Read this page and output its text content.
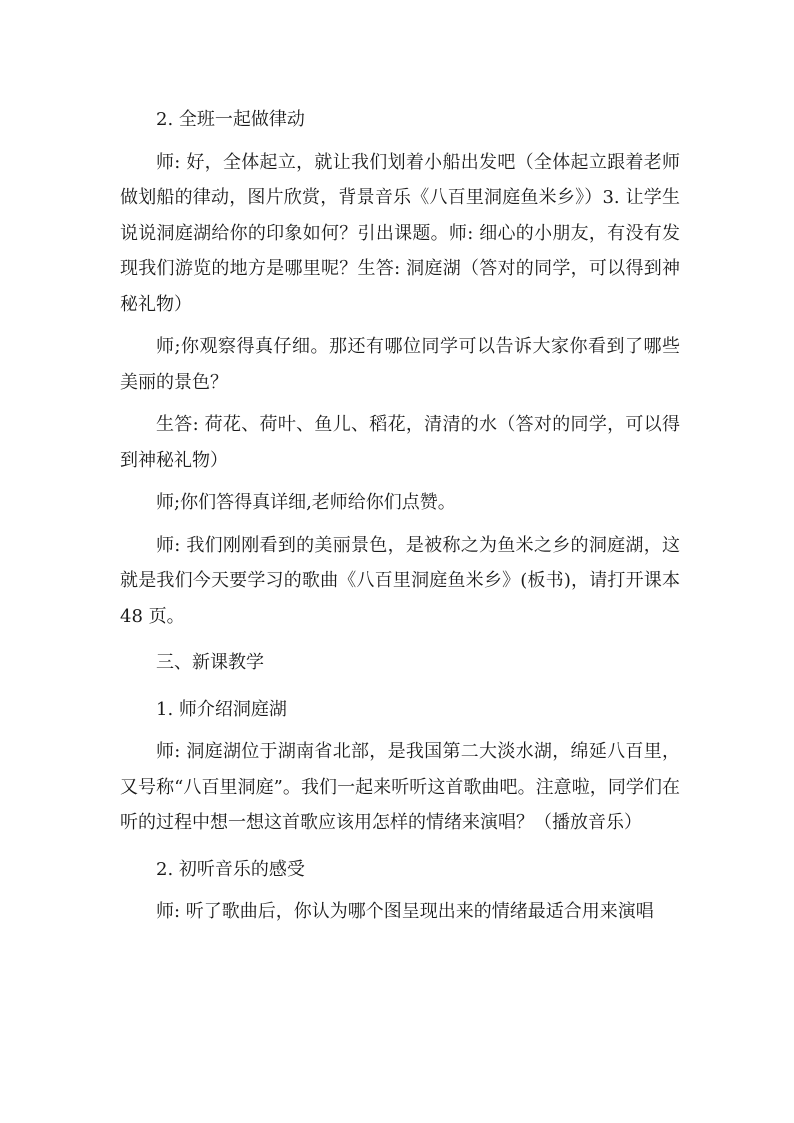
2. 全班一起做律动

师: 好，全体起立，就让我们划着小船出发吧（全体起立跟着老师做划船的律动，图片欣赏，背景音乐《八百里洞庭鱼米乡》）3. 让学生说说洞庭湖给你的印象如何？引出课题。师: 细心的小朋友，有没有发现我们游览的地方是哪里呢？生答: 洞庭湖（答对的同学，可以得到神秘礼物）

师;你观察得真仔细。那还有哪位同学可以告诉大家你看到了哪些美丽的景色？

生答: 荷花、荷叶、鱼儿、稻花，清清的水（答对的同学，可以得到神秘礼物）

师;你们答得真详细,老师给你们点赞。

师: 我们刚刚看到的美丽景色，是被称之为鱼米之乡的洞庭湖，这就是我们今天要学习的歌曲《八百里洞庭鱼米乡》(板书)，请打开课本 48 页。

三、新课教学

1. 师介绍洞庭湖

师: 洞庭湖位于湖南省北部，是我国第二大淡水湖，绵延八百里，又号称“八百里洞庭”。我们一起来听听这首歌曲吧。注意啦，同学们在听的过程中想一想这首歌应该用怎样的情绪来演唱？（播放音乐）

2. 初听音乐的感受

师: 听了歌曲后，你认为哪个图呈现出来的情绪最适合用来演唱
